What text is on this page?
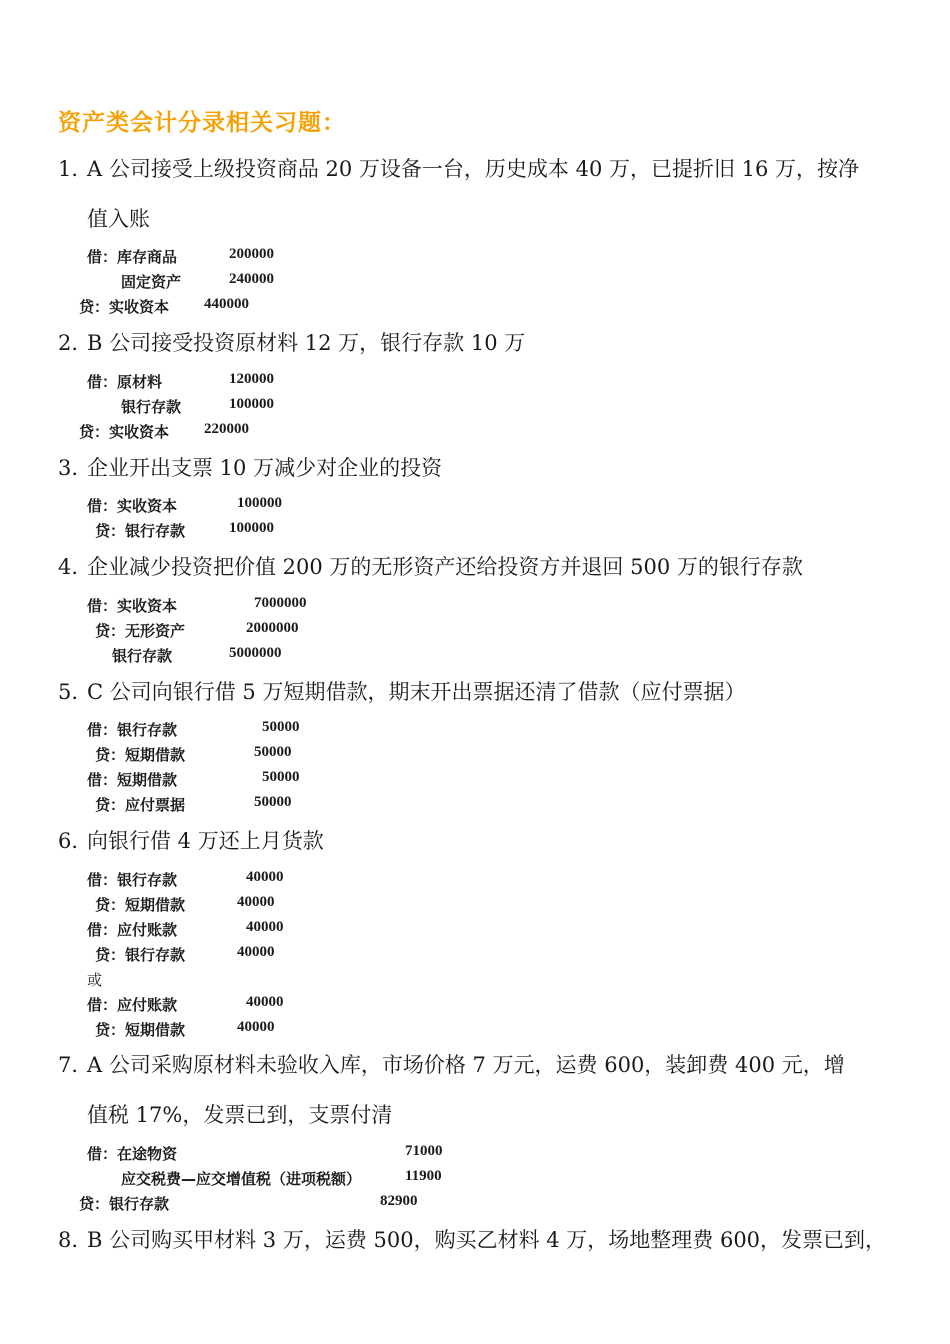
资产类会计分录相关习题：
1. A 公司接受上级投资商品 20 万设备一台，历史成本 40 万，已提折旧 16 万，按净
值入账
借：库存商品	200000
固定资产	240000
贷：实收资本 440000
2. B 公司接受投资原材料 12 万，银行存款 10 万
借：原材料	120000
银行存款	100000
贷：实收资本 220000
3. 企业开出支票 10 万减少对企业的投资
借：实收资本	100000
贷：银行存款	100000
4. 企业减少投资把价值 200 万的无形资产还给投资方并退回 500 万的银行存款
借：实收资本	7000000
贷：无形资产	2000000
银行存款	5000000
5. C 公司向银行借 5 万短期借款，期末开出票据还清了借款（应付票据）
借：银行存款	50000
贷：短期借款	50000
借：短期借款	50000
贷：应付票据	50000
6. 向银行借 4 万还上月货款
借：银行存款	40000
贷：短期借款	40000
借：应付账款	40000
贷：银行存款	40000
或
借：应付账款	40000
贷：短期借款	40000
7. A 公司采购原材料未验收入库，市场价格 7 万元，运费 600，装卸费 400 元，增
值税 17%，发票已到，支票付清
借：在途物资	71000
应交税费—应交增值税（进项税额）	11900
贷：银行存款	82900
8. B 公司购买甲材料 3 万，运费 500，购买乙材料 4 万，场地整理费 600，发票已到，
